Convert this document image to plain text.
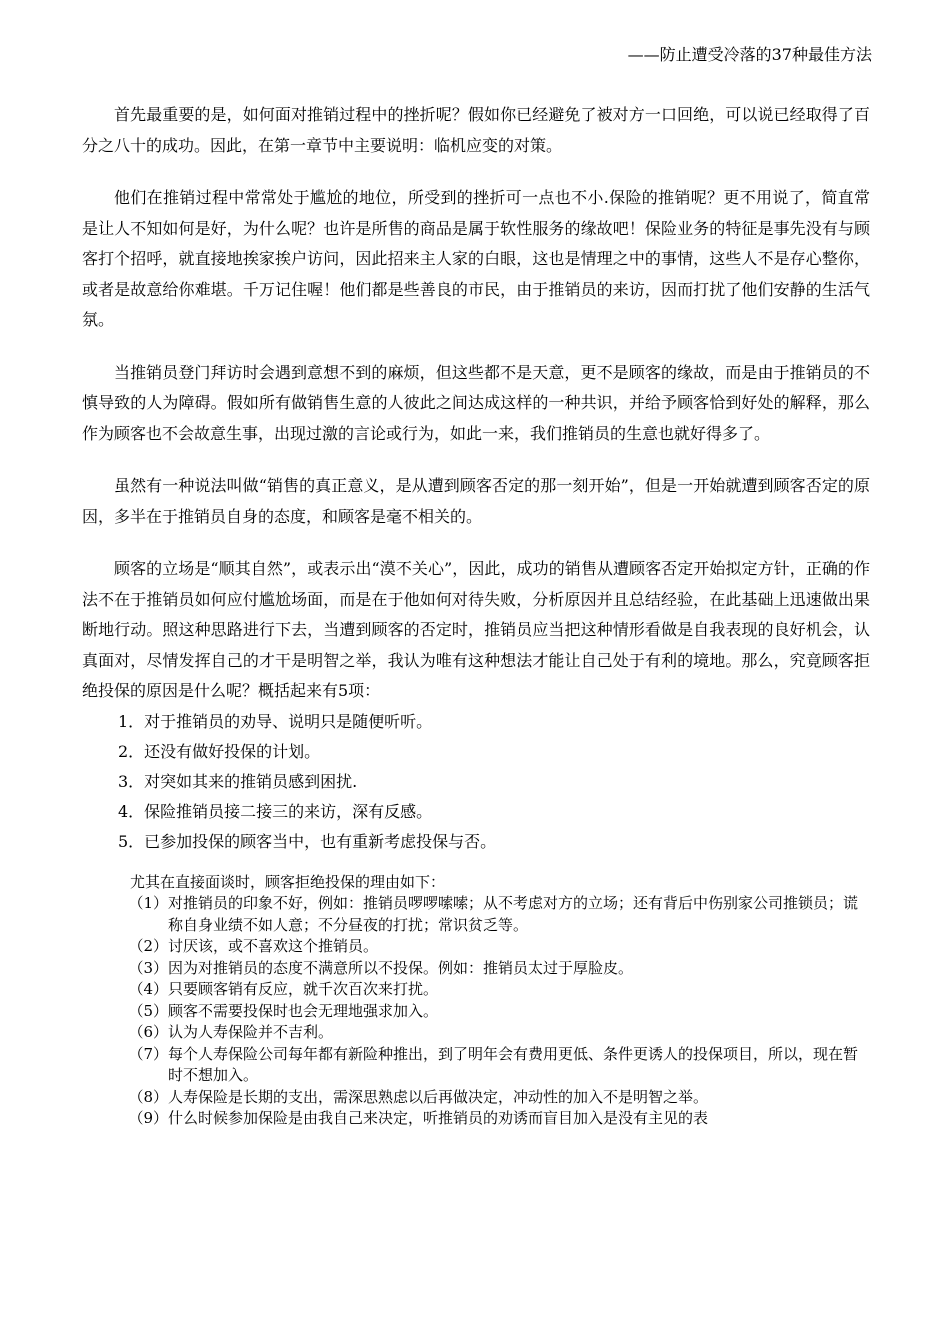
——防止遭受冷落的37种最佳方法

首先最重要的是，如何面对推销过程中的挫折呢？假如你已经避免了被对方一口回绝，可以说已经取得了百分之八十的成功。因此，在第一章节中主要说明：临机应变的对策。

他们在推销过程中常常处于尴尬的地位，所受到的挫折可一点也不小.保险的推销呢？更不用说了，简直常是让人不知如何是好，为什么呢？也许是所售的商品是属于软性服务的缘故吧！保险业务的特征是事先没有与顾客打个招呼，就直接地挨家挨户访问，因此招来主人家的白眼，这也是情理之中的事情，这些人不是存心整你，或者是故意给你难堪。千万记住喔！他们都是些善良的市民，由于推销员的来访，因而打扰了他们安静的生活气氛。

当推销员登门拜访时会遇到意想不到的麻烦，但这些都不是天意，更不是顾客的缘故，而是由于推销员的不慎导致的人为障碍。假如所有做销售生意的人彼此之间达成这样的一种共识，并给予顾客恰到好处的解释，那么作为顾客也不会故意生事，出现过激的言论或行为，如此一来，我们推销员的生意也就好得多了。

虽然有一种说法叫做“销售的真正意义，是从遭到顾客否定的那一刻开始”，但是一开始就遭到顾客否定的原因，多半在于推销员自身的态度，和顾客是毫不相关的。

顾客的立场是“顺其自然”，或表示出“漠不关心”，因此，成功的销售从遭顾客否定开始拟定方针，正确的作法不在于推销员如何应付尴尬场面，而是在于他如何对待失败，分析原因并且总结经验，在此基础上迅速做出果断地行动。照这种思路进行下去，当遭到顾客的否定时，推销员应当把这种情形看做是自我表现的良好机会，认真面对，尽情发挥自己的才干是明智之举，我认为唯有这种想法才能让自己处于有利的境地。那么，究竟顾客拒绝投保的原因是什么呢？概括起来有5项：

1．对于推销员的劝导、说明只是随便听听。
2．还没有做好投保的计划。
3．对突如其来的推销员感到困扰.
4．保险推销员接二接三的来访，深有反感。
5．已参加投保的顾客当中，也有重新考虑投保与否。
尤其在直接面谈时，顾客拒绝投保的理由如下：
（1） 对推销员的印象不好，例如：推销员啰啰嗦嗦；从不考虑对方的立场；还有背后中伤别家公司推锁员；谎称自身业绩不如人意；不分昼夜的打扰；常识贫乏等。
（2） 讨厌该，或不喜欢这个推销员。
（3） 因为对推销员的态度不满意所以不投保。例如：推销员太过于厚脸皮。
（4） 只要顾客销有反应，就千次百次来打扰。
（5） 顾客不需要投保时也会无理地强求加入。
（6） 认为人寿保险并不吉利。
（7） 每个人寿保险公司每年都有新险种推出，到了明年会有费用更低、条件更诱人的投保项目，所以，现在暂时不想加入。
（8） 人寿保险是长期的支出，需深思熟虑以后再做决定，冲动性的加入不是明智之举。
（9） 什么时候参加保险是由我自己来决定，听推销员的劝诱而盲目加入是没有主见的表
